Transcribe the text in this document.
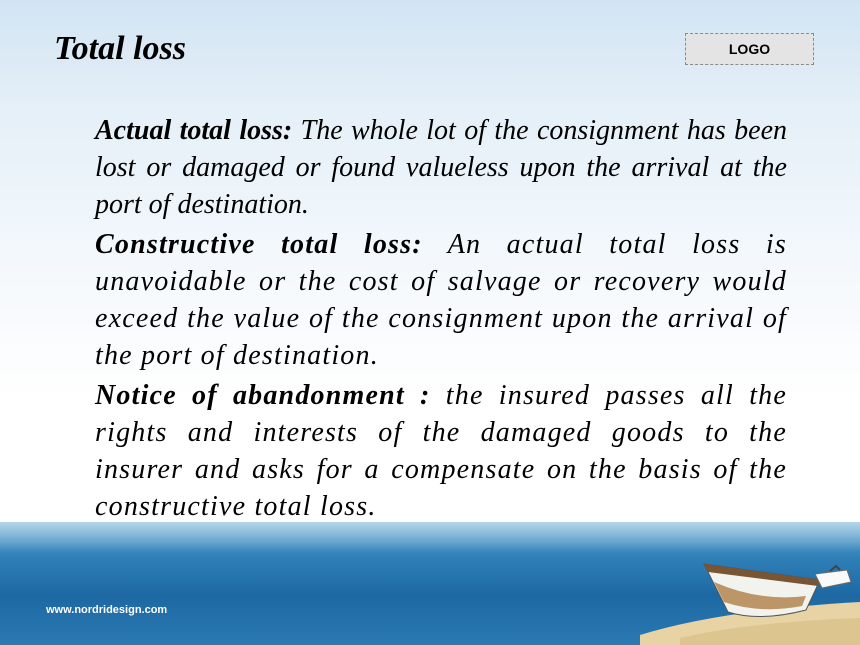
Total loss	LOGO

Actual total loss: The whole lot of the consignment has been lost or damaged or found valueless upon the arrival at the port of destination.

Constructive total loss: An actual total loss is unavoidable or the cost of salvage or recovery would exceed the value of the consignment upon the arrival of the port of destination.

Notice of abandonment : the insured passes all the rights and interests of the damaged goods to the insurer and asks for a compensate on the basis of the constructive total loss.

www.nordridesign.com
